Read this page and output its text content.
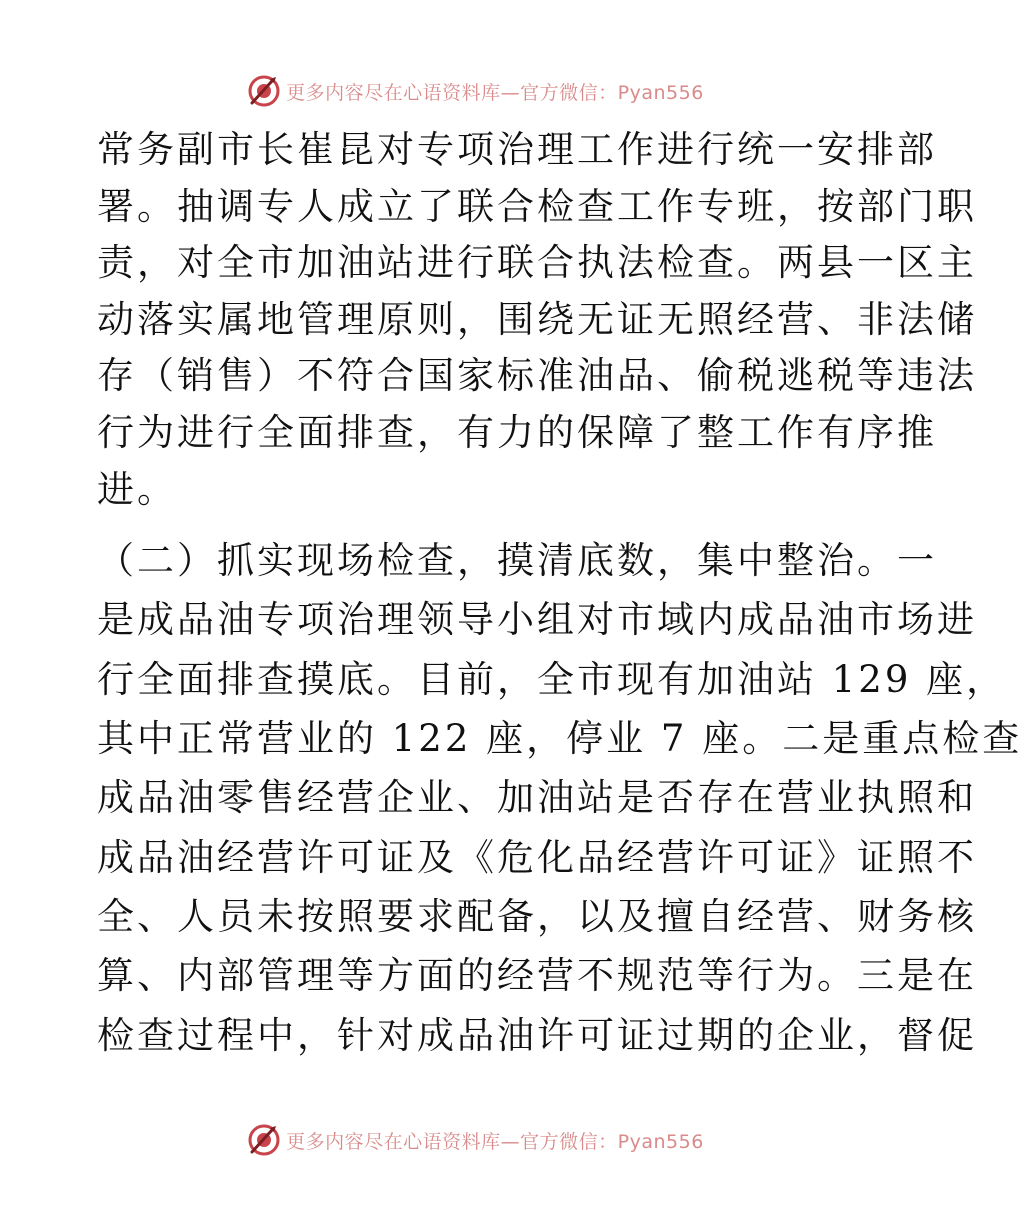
更多内容尽在心语资料库—官方微信：Pyan556
常务副市长崔昆对专项治理工作进行统一安排部
署。抽调专人成立了联合检查工作专班，按部门职
责，对全市加油站进行联合执法检查。两县一区主
动落实属地管理原则，围绕无证无照经营、非法储
存（销售）不符合国家标准油品、偷税逃税等违法
行为进行全面排查，有力的保障了整工作有序推
进。
（二）抓实现场检查，摸清底数，集中整治。一
是成品油专项治理领导小组对市域内成品油市场进
行全面排查摸底。目前，全市现有加油站 129 座，
其中正常营业的 122 座，停业 7 座。二是重点检查
成品油零售经营企业、加油站是否存在营业执照和
成品油经营许可证及《危化品经营许可证》证照不
全、人员未按照要求配备，以及擅自经营、财务核
算、内部管理等方面的经营不规范等行为。三是在
检查过程中，针对成品油许可证过期的企业，督促
更多内容尽在心语资料库—官方微信：Pyan556
